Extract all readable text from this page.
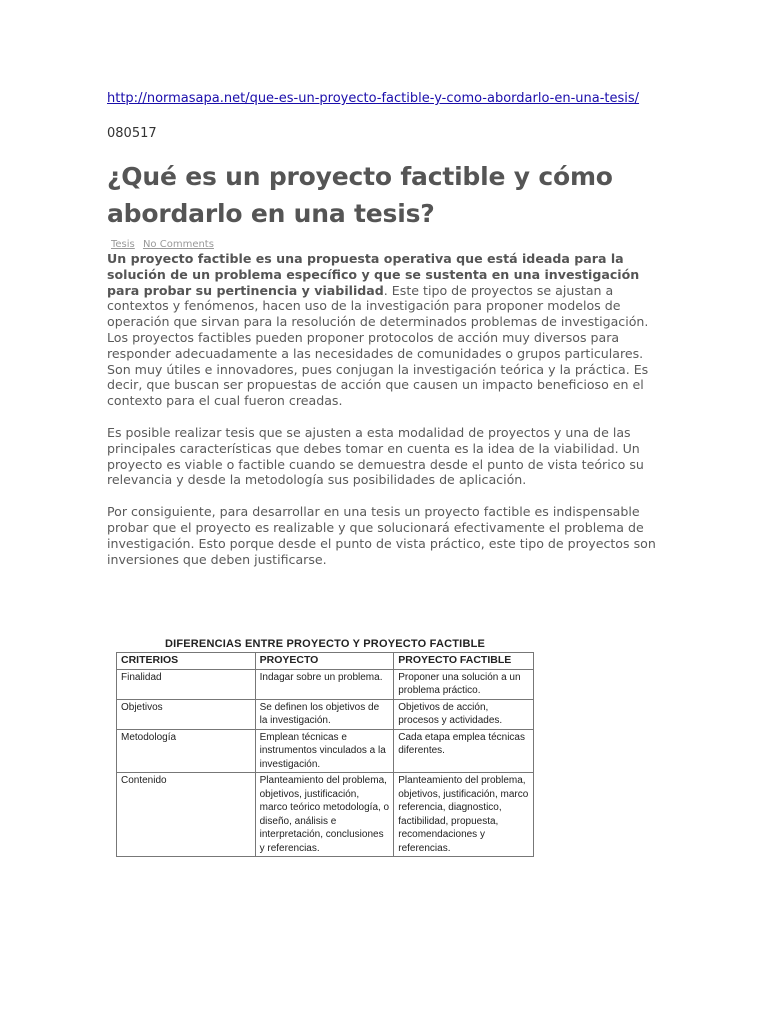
http://normasapa.net/que-es-un-proyecto-factible-y-como-abordarlo-en-una-tesis/
080517
¿Qué es un proyecto factible y cómo abordarlo en una tesis?
Tesis No Comments

Un proyecto factible es una propuesta operativa que está ideada para la solución de un problema específico y que se sustenta en una investigación para probar su pertinencia y viabilidad. Este tipo de proyectos se ajustan a contextos y fenómenos, hacen uso de la investigación para proponer modelos de operación que sirvan para la resolución de determinados problemas de investigación.

Los proyectos factibles pueden proponer protocolos de acción muy diversos para responder adecuadamente a las necesidades de comunidades o grupos particulares. Son muy útiles e innovadores, pues conjugan la investigación teórica y la práctica. Es decir, que buscan ser propuestas de acción que causen un impacto beneficioso en el contexto para el cual fueron creadas.

Es posible realizar tesis que se ajusten a esta modalidad de proyectos y una de las principales características que debes tomar en cuenta es la idea de la viabilidad. Un proyecto es viable o factible cuando se demuestra desde el punto de vista teórico su relevancia y desde la metodología sus posibilidades de aplicación.

Por consiguiente, para desarrollar en una tesis un proyecto factible es indispensable probar que el proyecto es realizable y que solucionará efectivamente el problema de investigación. Esto porque desde el punto de vista práctico, este tipo de proyectos son inversiones que deben justificarse.

DIFERENCIAS ENTRE PROYECTO Y PROYECTO FACTIBLE
CRITERIOS	PROYECTO	PROYECTO FACTIBLE
Finalidad	Indagar sobre un problema.	Proponer una solución a un problema práctico.
Objetivos	Se definen los objetivos de la investigación.	Objetivos de acción, procesos y actividades.
Metodología	Emplean técnicas e instrumentos vinculados a la investigación.	Cada etapa emplea técnicas diferentes.
Contenido	Planteamiento del problema, objetivos, justificación, marco teórico metodología, o diseño, análisis e interpretación, conclusiones y referencias.	Planteamiento del problema, objetivos, justificación, marco referencia, diagnostico, factibilidad, propuesta, recomendaciones y referencias.
